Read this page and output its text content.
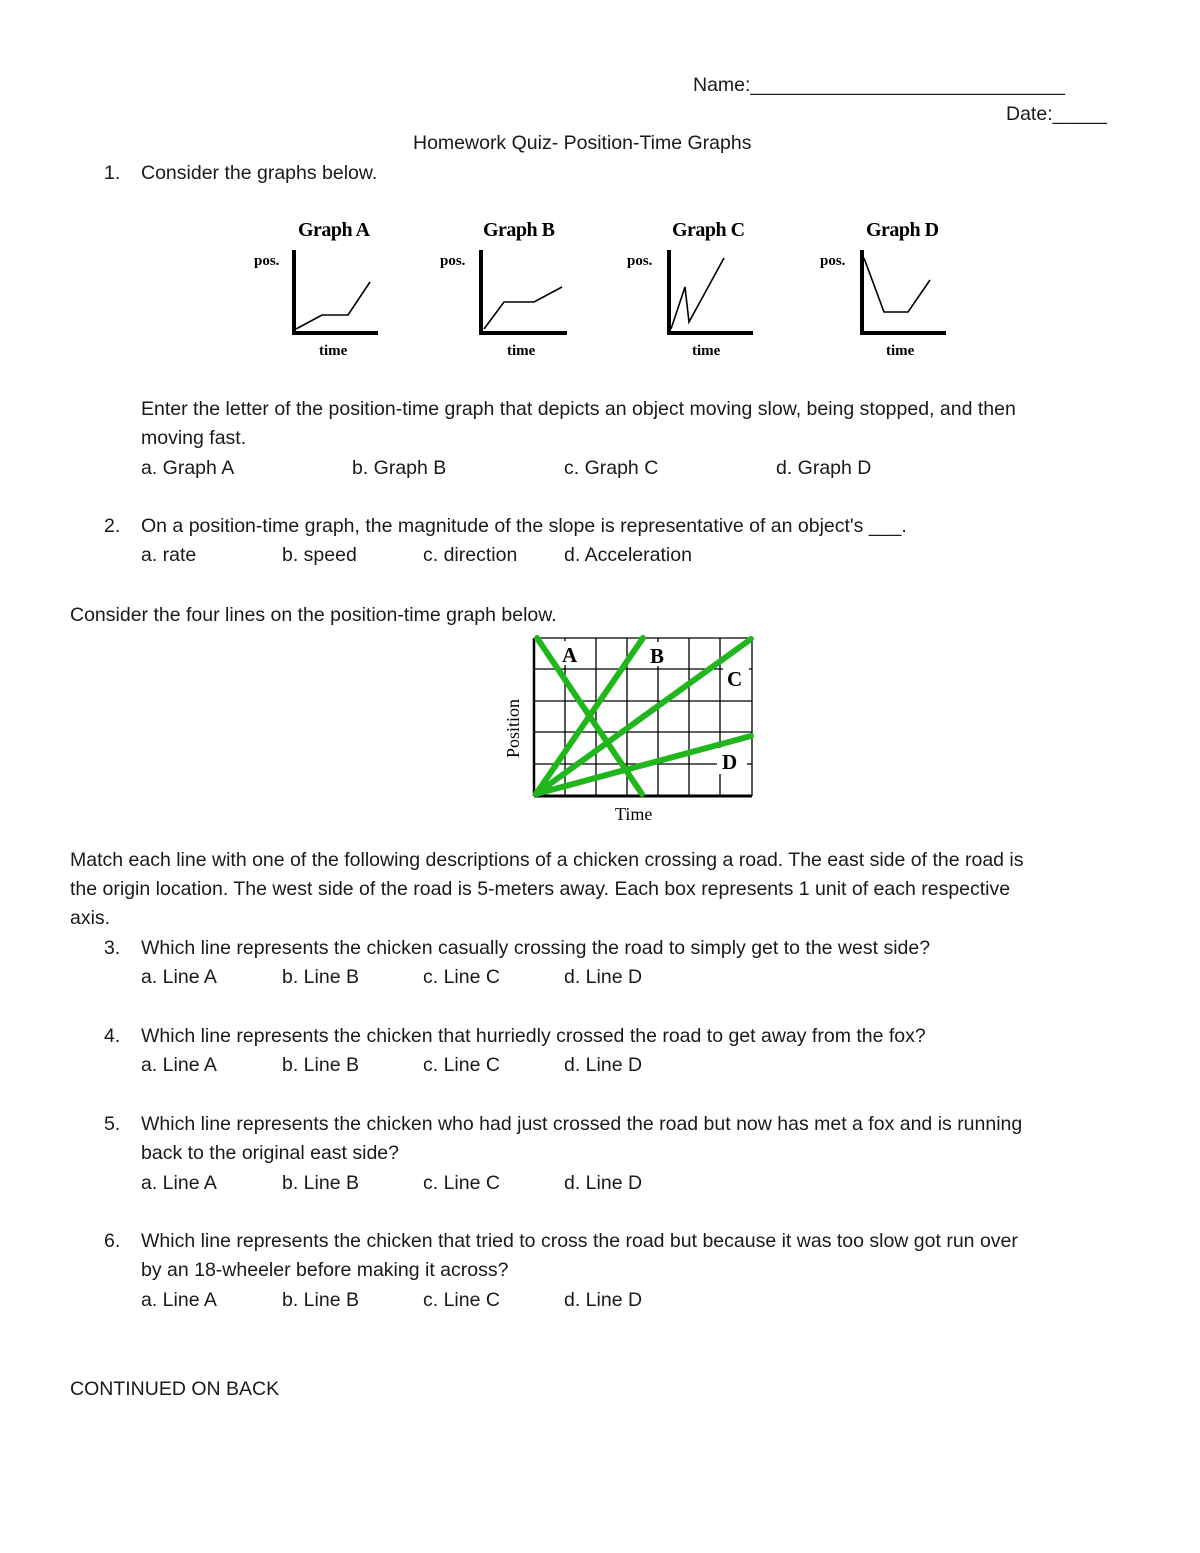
Name:_____________________________
Date:_____
Homework Quiz- Position-Time Graphs
1. Consider the graphs below.
Graph A
pos.
time
Graph B
pos.
time
Graph C
pos.
time
Graph D
pos.
time
Enter the letter of the position-time graph that depicts an object moving slow, being stopped, and then
moving fast.
a. Graph A	b. Graph B	c. Graph C	d. Graph D
2. On a position-time graph, the magnitude of the slope is representative of an object's ___.
a. rate	b. speed	c. direction d. Acceleration
Consider the four lines on the position-time graph below.
A	B
C
D
Position
Time
Match each line with one of the following descriptions of a chicken crossing a road. The east side of the road is
the origin location. The west side of the road is 5-meters away. Each box represents 1 unit of each respective
axis.
3. Which line represents the chicken casually crossing the road to simply get to the west side?
a. Line A	b. Line B	c. Line C	d. Line D
4. Which line represents the chicken that hurriedly crossed the road to get away from the fox?
a. Line A	b. Line B	c. Line C	d. Line D
5. Which line represents the chicken who had just crossed the road but now has met a fox and is running
back to the original east side?
a. Line A	b. Line B	c. Line C	d. Line D
6. Which line represents the chicken that tried to cross the road but because it was too slow got run over
by an 18-wheeler before making it across?
a. Line A	b. Line B	c. Line C	d. Line D
CONTINUED ON BACK
